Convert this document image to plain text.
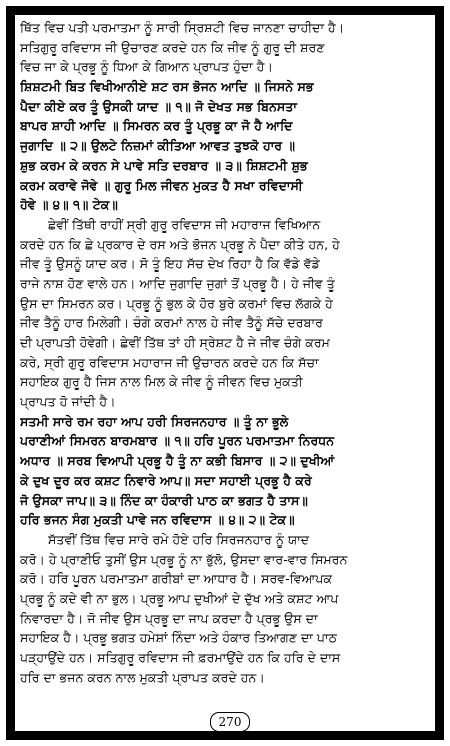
ਥਿੱਤ ਵਿਚ ਪਤੀ ਪਰਮਾਤਮਾ ਨੂੰ ਸਾਰੀ ਸ੍ਰਿਸ਼ਟੀ ਵਿਚ ਜਾਨਣਾ ਚਾਹੀਦਾ ਹੈ।
ਸਤਿਗੁਰੂ ਰਵਿਦਾਸ ਜੀ ਉਚਾਰਣ ਕਰਦੇ ਹਨ ਕਿ ਜੀਵ ਨੂੰ ਗੁਰੂ ਦੀ ਸ਼ਰਣ
ਵਿਚ ਜਾ ਕੇ ਪ੍ਰਭੂ ਨੂੰ ਧਿਆ ਕੇ ਗਿਆਨ ਪ੍ਰਾਪਤ ਹੁੰਦਾ ਹੈ।
ਸ਼ਿਸ਼ਟਮੀ ਬਿਤ ਵਿਖੀਆਨੀਏ ਸ਼ਟ ਰਸ ਭੋਜਨ ਆਦਿ ॥ ਜਿਸਨੇ ਸਭ
ਪੈਦਾ ਕੀਏ ਕਰ ਤੂੰ ਉਸਕੀ ਯਾਦ ॥ ੧॥ ਜੋ ਦੇਖਤ ਸਭ ਬਿਨਸਤਾ
ਬਾਪਰ ਸ਼ਾਹੀ ਆਦਿ ॥ ਸਿਮਰਨ ਕਰ ਤੂੰ ਪ੍ਰਭੂ ਕਾ ਜੋ ਹੈ ਆਦਿ
ਜੁਗਾਦਿ ॥ ੨॥ ਉਲਟੇ ਨਿਜ਼ਮਾਂ ਕੀਤਿਆ ਆਵਤ ਤੁਝਕੋ ਹਾਰ ॥
ਸ਼ੁਭ ਕਰਮ ਕੇ ਕਰਨ ਸੇ ਪਾਵੇ ਸਤਿ ਦਰਬਾਰ ॥ ੩॥ ਸ਼ਿਸ਼ਟਮੀ ਸ਼ੁਭ
ਕਰਮ ਕਰਾਵੇ ਜੋਵੇ ॥ ਗੁਰੂ ਮਿਲ ਜੀਵਨ ਮੁਕਤ ਹੈ ਸਖਾ ਰਵਿਦਾਸੀ
ਹੋਵੇ ॥ ੪॥ ੧॥ ਟੇਕ॥
ਛੇਵੀਂ ਤਿੱਥੀ ਰਾਹੀਂ ਸ੍ਰੀ ਗੁਰੂ ਰਵਿਦਾਸ ਜੀ ਮਹਾਰਾਜ ਵਿਖਿਆਨ
ਕਰਦੇ ਹਨ ਕਿ ਛੇ ਪ੍ਰਕਾਰ ਦੇ ਰਸ ਅਤੇ ਭੋਜਨ ਪ੍ਰਭੂ ਨੇ ਪੈਦਾ ਕੀਤੇ ਹਨ, ਹੇ
ਜੀਵ ਤੂੰ ਉਸਨੂੰ ਯਾਦ ਕਰ। ਸੋ ਤੂੰ ਇਹ ਸੱਚ ਦੇਖ ਰਿਹਾ ਹੈ ਕਿ ਵੱਡੇ ਵੱਡੇ
ਰਾਜੇ ਨਾਸ਼ ਹੋਣ ਵਾਲੇ ਹਨ। ਆਦਿ ਜੁਗਾਦਿ ਜੁਗਾਂ ਤੋਂ ਪ੍ਰਭੂ ਹੈ। ਹੇ ਜੀਵ ਤੂੰ
ਉਸ ਦਾ ਸਿਮਰਨ ਕਰ। ਪ੍ਰਭੂ ਨੂੰ ਭੁਲ ਕੇ ਹੋਰ ਬੁਰੇ ਕਰਮਾਂ ਵਿਚ ਲੱਗਕੇ ਹੇ
ਜੀਵ ਤੈਨੂੰ ਹਾਰ ਮਿਲੇਗੀ। ਚੰਗੇ ਕਰਮਾਂ ਨਾਲ ਹੇ ਜੀਵ ਤੈਨੂੰ ਸੱਚੇ ਦਰਬਾਰ
ਦੀ ਪ੍ਰਾਪਤੀ ਹੋਵੇਗੀ। ਛੇਵੀਂ ਤਿੱਥ ਤਾਂ ਹੀ ਸ੍ਰੇਸ਼ਟ ਹੈ ਜੇ ਜੀਵ ਚੰਗੇ ਕਰਮ
ਕਰੇ, ਸ੍ਰੀ ਗੁਰੂ ਰਵਿਦਾਸ ਮਹਾਰਾਜ ਜੀ ਉਚਾਰਨ ਕਰਦੇ ਹਨ ਕਿ ਸੱਚਾ
ਸਹਾਇਕ ਗੁਰੂ ਹੈ ਜਿਸ ਨਾਲ ਮਿਲ ਕੇ ਜੀਵ ਨੂੰ ਜੀਵਨ ਵਿਚ ਮੁਕਤੀ
ਪ੍ਰਾਪਤ ਹੋ ਜਾਂਦੀ ਹੈ।
ਸਤਮੀ ਸਾਰੇ ਰਮ ਰਹਾ ਆਪ ਹਰੀ ਸਿਰਜਨਹਾਰ ॥ ਤੂੰ ਨਾ ਭੂਲੇ
ਪਰਾਣੀਆਂ ਸਿਮਰਨ ਬਾਰਮਬਾਰ ॥ ੧॥ ਹਰਿ ਪੂਰਨ ਪਰਮਾਤਮਾ ਨਿਰਧਨ
ਅਧਾਰ ॥ ਸਰਬ ਵਿਆਪੀ ਪ੍ਰਭੂ ਹੈ ਤੂੰ ਨਾ ਕਭੀ ਬਿਸਾਰ ॥ ੨॥ ਦੁਖੀਆਂ
ਕੇ ਦੁਖ ਦੂਰ ਕਰ ਕਸ਼ਟ ਨਿਵਾਰੇ ਆਪ॥ ਸਦਾ ਸਹਾਈ ਪ੍ਰਭੂ ਹੈ ਕਰੇ
ਜੋ ਉਸਕਾ ਜਾਪ॥ ੩॥ ਨਿੰਦ ਕਾ ਹੰਕਾਰੀ ਪਾਠ ਕਾ ਭਗਤ ਹੈ ਤਾਸ॥
ਹਰਿ ਭਜਨ ਸੰਗ ਮੁਕਤੀ ਪਾਵੇ ਜਨ ਰਵਿਦਾਸ ॥ ੪॥ ੨॥ ਟੇਕ॥
ਸੱਤਵੀਂ ਤਿੱਥ ਵਿਚ ਸਾਰੇ ਰਮੇ ਹੋਏ ਹਰਿ ਸਿਰਜਨਹਾਰ ਨੂੰ ਯਾਦ
ਕਰੋ। ਹੇ ਪ੍ਰਾਣੀਓ ਤੁਸੀਂ ਉਸ ਪ੍ਰਭੂ ਨੂੰ ਨਾ ਭੁੱਲੋ, ਉਸਦਾ ਵਾਰ-ਵਾਰ ਸਿਮਰਨ
ਕਰੋ। ਹਰਿ ਪੂਰਨ ਪਰਮਾਤਮਾ ਗਰੀਬਾਂ ਦਾ ਆਧਾਰ ਹੈ। ਸਰਵ-ਵਿਆਪਕ
ਪ੍ਰਭੂ ਨੂੰ ਕਦੇ ਵੀ ਨਾ ਭੁਲ। ਪ੍ਰਭੂ ਆਪ ਦੁਖੀਆਂ ਦੇ ਦੁੱਖ ਅਤੇ ਕਸ਼ਟ ਆਪ
ਨਿਵਾਰਦਾ ਹੈ। ਜੋ ਜੀਵ ਉਸ ਪ੍ਰਭੂ ਦਾ ਜਾਪ ਕਰਦਾ ਹੈ ਪ੍ਰਭੂ ਉਸ ਦਾ
ਸਹਾਇਕ ਹੈ। ਪ੍ਰਭੂ ਭਗਤ ਹਮੇਸ਼ਾਂ ਨਿੰਦਾ ਅਤੇ ਹੰਕਾਰ ਤਿਆਗਣ ਦਾ ਪਾਠ
ਪੜ੍ਹਾਉਂਦੇ ਹਨ। ਸਤਿਗੁਰੂ ਰਵਿਦਾਸ ਜੀ ਫ਼ਰਮਾਉਂਦੇ ਹਨ ਕਿ ਹਰਿ ਦੇ ਦਾਸ
ਹਰਿ ਦਾ ਭਜਨ ਕਰਨ ਨਾਲ ਮੁਕਤੀ ਪ੍ਰਾਪਤ ਕਰਦੇ ਹਨ।
270
